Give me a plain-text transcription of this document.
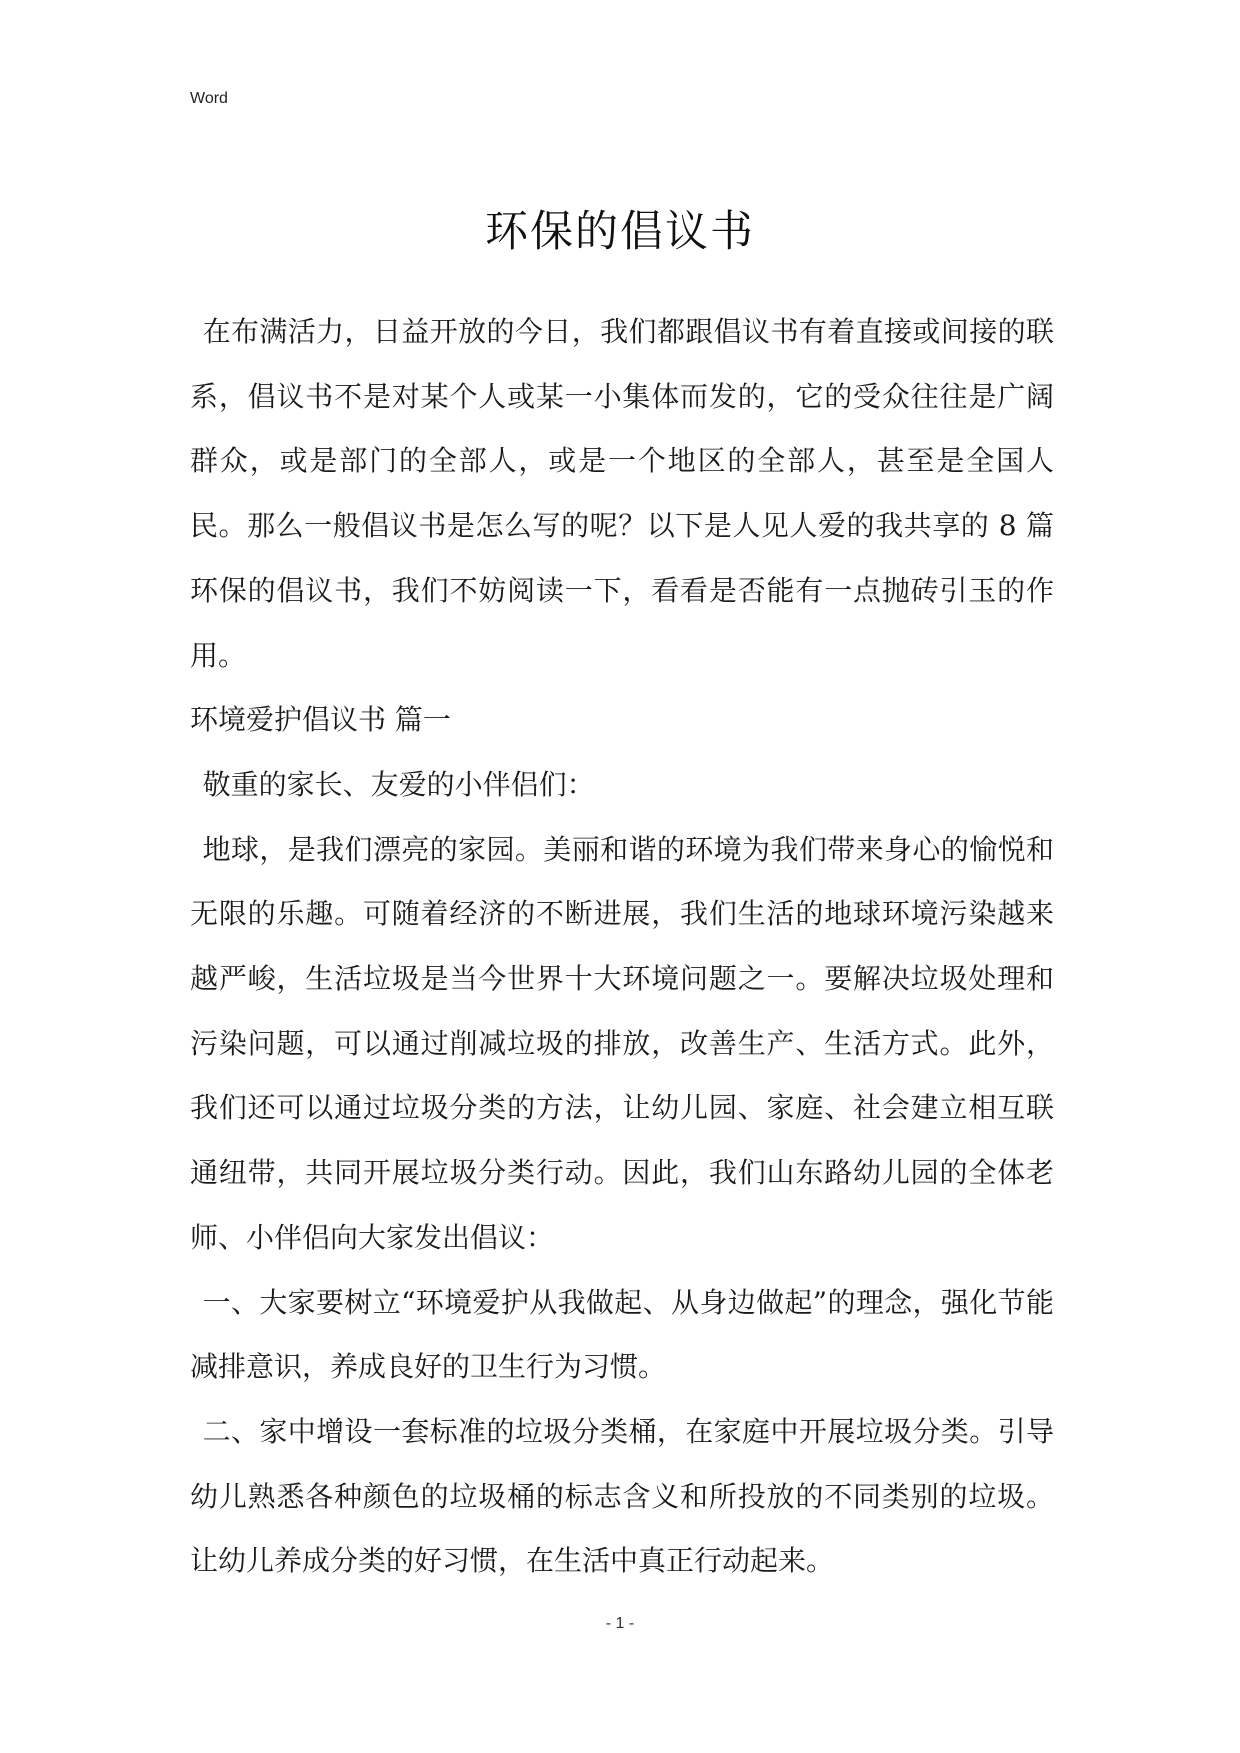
Word
环保的倡议书

在布满活力，日益开放的今日，我们都跟倡议书有着直接或间接的联系，倡议书不是对某个人或某一小集体而发的，它的受众往往是广阔群众，或是部门的全部人，或是一个地区的全部人，甚至是全国人民。那么一般倡议书是怎么写的呢？以下是人见人爱的我共享的 8 篇环保的倡议书，我们不妨阅读一下，看看是否能有一点抛砖引玉的作用。

环境爱护倡议书 篇一

敬重的家长、友爱的小伴侣们：

地球，是我们漂亮的家园。美丽和谐的环境为我们带来身心的愉悦和无限的乐趣。可随着经济的不断进展，我们生活的地球环境污染越来越严峻，生活垃圾是当今世界十大环境问题之一。要解决垃圾处理和污染问题，可以通过削减垃圾的排放，改善生产、生活方式。此外，我们还可以通过垃圾分类的方法，让幼儿园、家庭、社会建立相互联通纽带，共同开展垃圾分类行动。因此，我们山东路幼儿园的全体老师、小伴侣向大家发出倡议：

一、大家要树立“环境爱护从我做起、从身边做起”的理念，强化节能减排意识，养成良好的卫生行为习惯。

二、家中增设一套标准的垃圾分类桶，在家庭中开展垃圾分类。引导幼儿熟悉各种颜色的垃圾桶的标志含义和所投放的不同类别的垃圾。让幼儿养成分类的好习惯，在生活中真正行动起来。

- 1 -
